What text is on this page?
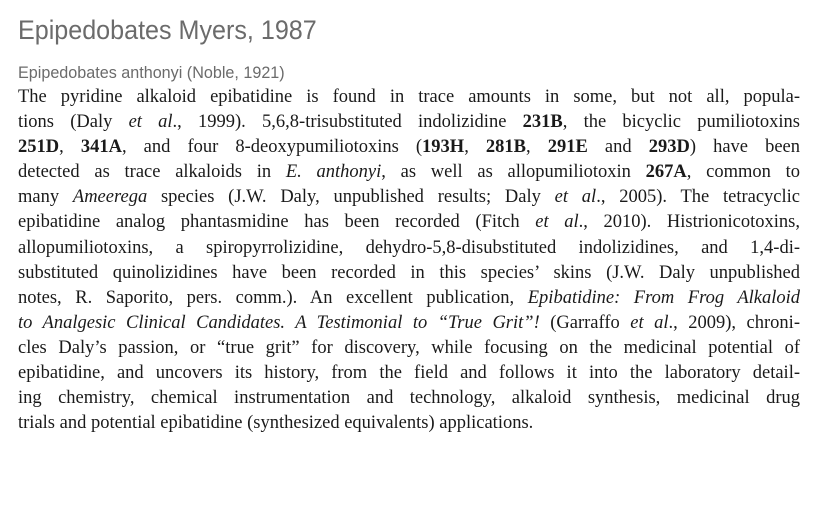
Epipedobates Myers, 1987
Epipedobates anthonyi (Noble, 1921)

The pyridine alkaloid epibatidine is found in trace amounts in some, but not all, popula-
tions (Daly et al., 1999). 5,6,8-trisubstituted indolizidine 231B, the bicyclic pumiliotoxins
251D, 341A, and four 8-deoxypumiliotoxins (193H, 281B, 291E and 293D) have been
detected as trace alkaloids in E. anthonyi, as well as allopumiliotoxin 267A, common to
many Ameerega species (J.W. Daly, unpublished results; Daly et al., 2005). The tetracyclic
epibatidine analog phantasmidine has been recorded (Fitch et al., 2010). Histrionicotoxins,
allopumiliotoxins, a spiropyrrolizidine, dehydro-5,8-disubstituted indolizidines, and 1,4-di-
substituted quinolizidines have been recorded in this species’ skins (J.W. Daly unpublished
notes, R. Saporito, pers. comm.). An excellent publication, Epibatidine: From Frog Alkaloid
to Analgesic Clinical Candidates. A Testimonial to “True Grit”! (Garraffo et al., 2009), chroni-
cles Daly’s passion, or “true grit” for discovery, while focusing on the medicinal potential of
epibatidine, and uncovers its history, from the field and follows it into the laboratory detail-
ing chemistry, chemical instrumentation and technology, alkaloid synthesis, medicinal drug
trials and potential epibatidine (synthesized equivalents) applications.
